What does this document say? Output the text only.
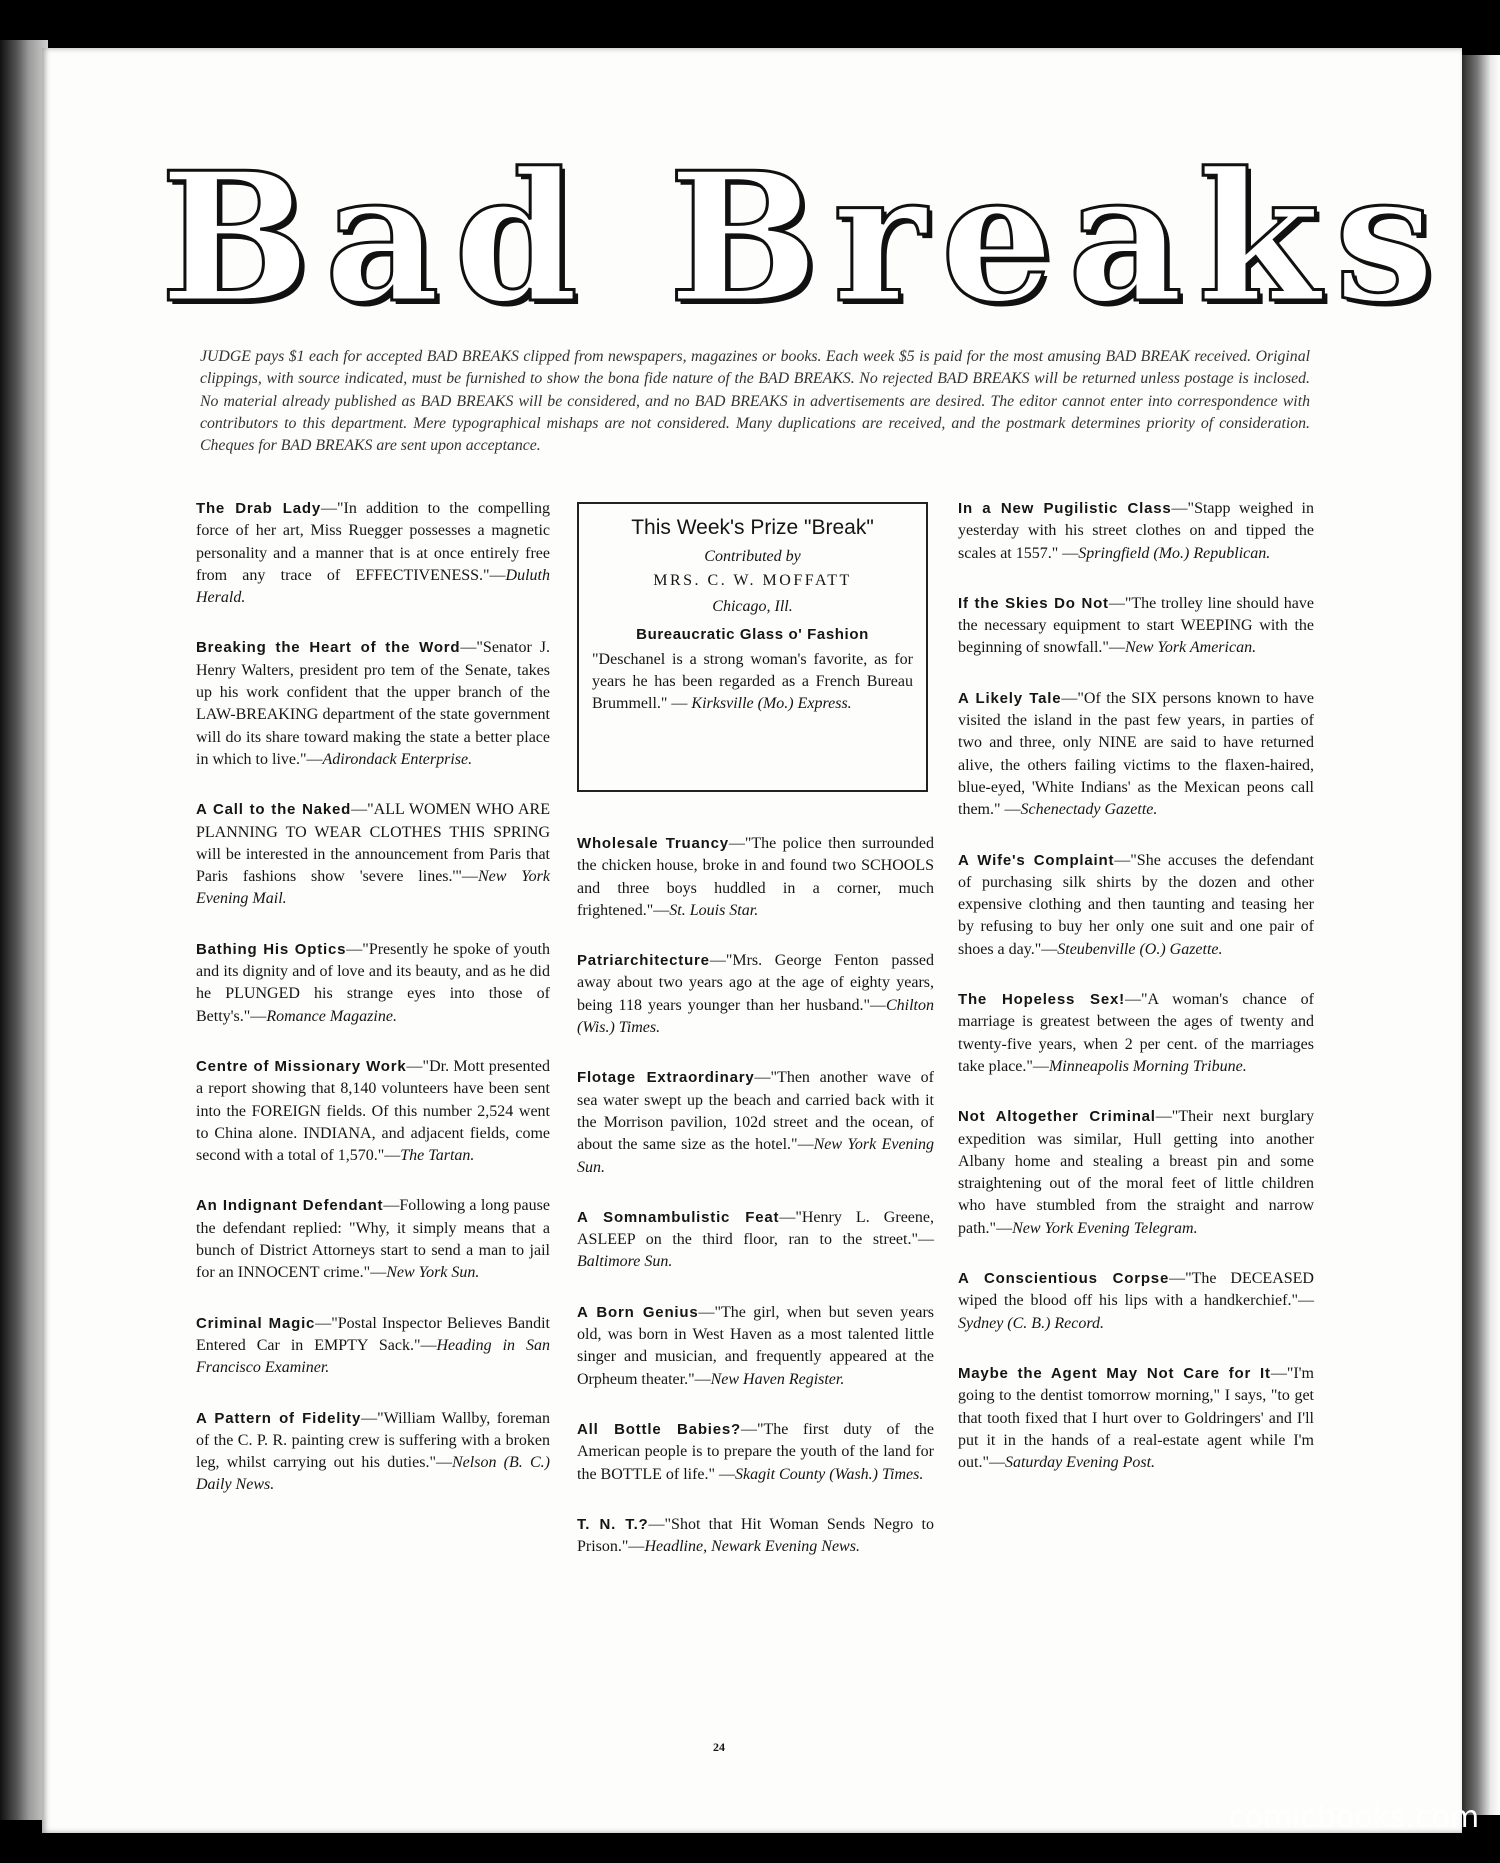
Bad Breaks
JUDGE pays $1 each for accepted BAD BREAKS clipped from newspapers, magazines or books. Each week $5 is paid for the most amusing BAD BREAK received. Original clippings, with source indicated, must be furnished to show the bona fide nature of the BAD BREAKS. No rejected BAD BREAKS will be returned unless postage is inclosed. No material already published as BAD BREAKS will be considered, and no BAD BREAKS in advertisements are desired. The editor cannot enter into correspondence with contributors to this department. Mere typographical mishaps are not considered. Many duplications are received, and the postmark determines priority of consideration. Cheques for BAD BREAKS are sent upon acceptance.

The Drab Lady—"In addition to the compelling force of her art, Miss Ruegger possesses a magnetic personality and a manner that is at once entirely free from any trace of EFFECTIVENESS."—Duluth Herald.

Breaking the Heart of the Word—"Senator J. Henry Walters, president pro tem of the Senate, takes up his work confident that the upper branch of the LAW-BREAKING department of the state government will do its share toward making the state a better place in which to live."—Adirondack Enterprise.

A Call to the Naked—"ALL WOMEN WHO ARE PLANNING TO WEAR CLOTHES THIS SPRING will be interested in the announcement from Paris that Paris fashions show 'severe lines.'"—New York Evening Mail.

Bathing His Optics—"Presently he spoke of youth and its dignity and of love and its beauty, and as he did he PLUNGED his strange eyes into those of Betty's."—Romance Magazine.

Centre of Missionary Work—"Dr. Mott presented a report showing that 8,140 volunteers have been sent into the FOREIGN fields. Of this number 2,524 went to China alone. INDIANA, and adjacent fields, come second with a total of 1,570."—The Tartan.

An Indignant Defendant—Following a long pause the defendant replied: "Why, it simply means that a bunch of District Attorneys start to send a man to jail for an INNOCENT crime."—New York Sun.

Criminal Magic—"Postal Inspector Believes Bandit Entered Car in EMPTY Sack."—Heading in San Francisco Examiner.

A Pattern of Fidelity—"William Wallby, foreman of the C. P. R. painting crew is suffering with a broken leg, whilst carrying out his duties."—Nelson (B. C.) Daily News.

This Week's Prize "Break"
Contributed by
MRS. C. W. MOFFATT
Chicago, Ill.
Bureaucratic Glass o' Fashion
"Deschanel is a strong woman's favorite, as for years he has been regarded as a French Bureau Brummell." — Kirksville (Mo.) Express.

Wholesale Truancy—"The police then surrounded the chicken house, broke in and found two SCHOOLS and three boys huddled in a corner, much frightened."—St. Louis Star.

Patriarchitecture—"Mrs. George Fenton passed away about two years ago at the age of eighty years, being 118 years younger than her husband."—Chilton (Wis.) Times.

Flotage Extraordinary—"Then another wave of sea water swept up the beach and carried back with it the Morrison pavilion, 102d street and the ocean, of about the same size as the hotel."—New York Evening Sun.

A Somnambulistic Feat—"Henry L. Greene, ASLEEP on the third floor, ran to the street."—Baltimore Sun.

A Born Genius—"The girl, when but seven years old, was born in West Haven as a most talented little singer and musician, and frequently appeared at the Orpheum theater."—New Haven Register.

All Bottle Babies?—"The first duty of the American people is to prepare the youth of the land for the BOTTLE of life." —Skagit County (Wash.) Times.

T. N. T.?—"Shot that Hit Woman Sends Negro to Prison."—Headline, Newark Evening News.

In a New Pugilistic Class—"Stapp weighed in yesterday with his street clothes on and tipped the scales at 1557." —Springfield (Mo.) Republican.

If the Skies Do Not—"The trolley line should have the necessary equipment to start WEEPING with the beginning of snowfall."—New York American.

A Likely Tale—"Of the SIX persons known to have visited the island in the past few years, in parties of two and three, only NINE are said to have returned alive, the others failing victims to the flaxen-haired, blue-eyed, 'White Indians' as the Mexican peons call them." —Schenectady Gazette.

A Wife's Complaint—"She accuses the defendant of purchasing silk shirts by the dozen and other expensive clothing and then taunting and teasing her by refusing to buy her only one suit and one pair of shoes a day."—Steubenville (O.) Gazette.

The Hopeless Sex!—"A woman's chance of marriage is greatest between the ages of twenty and twenty-five years, when 2 per cent. of the marriages take place."—Minneapolis Morning Tribune.

Not Altogether Criminal—"Their next burglary expedition was similar, Hull getting into another Albany home and stealing a breast pin and some straightening out of the moral feet of little children who have stumbled from the straight and narrow path."—New York Evening Telegram.

A Conscientious Corpse—"The DECEASED wiped the blood off his lips with a handkerchief."—Sydney (C. B.) Record.

Maybe the Agent May Not Care for It—"I'm going to the dentist tomorrow morning," I says, "to get that tooth fixed that I hurt over to Goldringers' and I'll put it in the hands of a real-estate agent while I'm out."—Saturday Evening Post.

24
comicbooks.com
